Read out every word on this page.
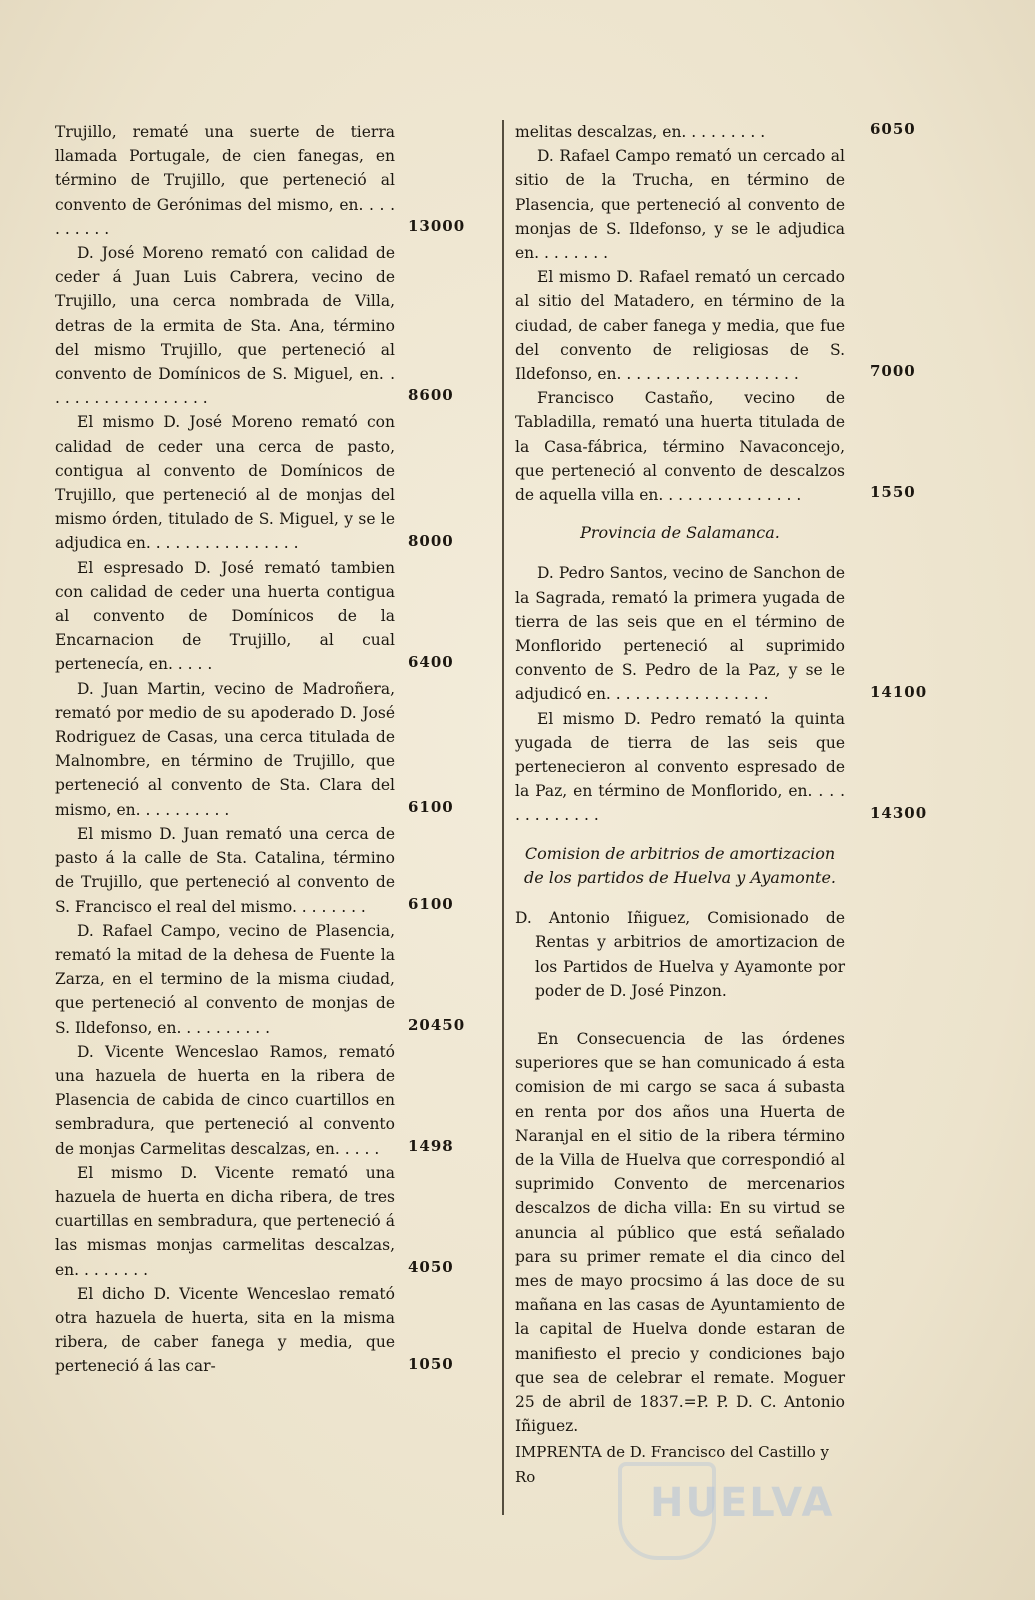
Trujillo, rematé una suerte de tierra llamada Portugale, de cien fanegas, en término de Trujillo, que perteneció al convento de Gerónimas del mismo, en. . . . . . . . . .

D. José Moreno remató con calidad de ceder á Juan Luis Cabrera, vecino de Trujillo, una cerca nombrada de Villa, detras de la ermita de Sta. Ana, término del mismo Trujillo, que perteneció al convento de Domínicos de S. Miguel, en. . . . . . . . . . . . . . . . . .

El mismo D. José Moreno remató con calidad de ceder una cerca de pasto, contigua al convento de Domínicos de Trujillo, que perteneció al de monjas del mismo órden, titulado de S. Miguel, y se le adjudica en. . . . . . . . . . . . . . . .

El espresado D. José remató tambien con calidad de ceder una huerta contigua al convento de Domínicos de la Encarnacion de Trujillo, al cual pertenecía, en. . . . .

D. Juan Martin, vecino de Madroñera, remató por medio de su apoderado D. José Rodriguez de Casas, una cerca titulada de Malnombre, en término de Trujillo, que perteneció al convento de Sta. Clara del mismo, en. . . . . . . . . .

El mismo D. Juan remató una cerca de pasto á la calle de Sta. Catalina, término de Trujillo, que perteneció al convento de S. Francisco el real del mismo. . . . . . . .

D. Rafael Campo, vecino de Plasencia, remató la mitad de la dehesa de Fuente la Zarza, en el termino de la misma ciudad, que perteneció al convento de monjas de S. Ildefonso, en. . . . . . . . . .

D. Vicente Wenceslao Ramos, remató una hazuela de huerta en la ribera de Plasencia de cabida de cinco cuartillos en sembradura, que perteneció al convento de monjas Carmelitas descalzas, en. . . . .

El mismo D. Vicente remató una hazuela de huerta en dicha ribera, de tres cuartillas en sembradura, que perteneció á las mismas monjas carmelitas descalzas, en. . . . . . . .

El dicho D. Vicente Wenceslao remató otra hazuela de huerta, sita en la misma ribera, de caber fanega y media, que perteneció á las car-

melitas descalzas, en. . . . . . . . .

D. Rafael Campo remató un cercado al sitio de la Trucha, en término de Plasencia, que perteneció al convento de monjas de S. Ildefonso, y se le adjudica en. . . . . . . .

El mismo D. Rafael remató un cercado al sitio del Matadero, en término de la ciudad, de caber fanega y media, que fue del convento de religiosas de S. Ildefonso, en. . . . . . . . . . . . . . . . . . .

Francisco Castaño, vecino de Tabladilla, remató una huerta titulada de la Casa-fábrica, término Navaconcejo, que perteneció al convento de descalzos de aquella villa en. . . . . . . . . . . . . . .

Provincia de Salamanca.

D. Pedro Santos, vecino de Sanchon de la Sagrada, remató la primera yugada de tierra de las seis que en el término de Monflorido perteneció al suprimido convento de S. Pedro de la Paz, y se le adjudicó en. . . . . . . . . . . . . . . . .

El mismo D. Pedro remató la quinta yugada de tierra de las seis que pertenecieron al convento espresado de la Paz, en término de Monflorido, en. . . . . . . . . . . . .

Comision de arbitrios de amortizacion de los partidos de Huelva y Ayamonte.

D. Antonio Iñiguez, Comisionado de Rentas y arbitrios de amortizacion de los Partidos de Huelva y Ayamonte por poder de D. José Pinzon.

En Consecuencia de las órdenes superiores que se han comunicado á esta comision de mi cargo se saca á subasta en renta por dos años una Huerta de Naranjal en el sitio de la ribera término de la Villa de Huelva que correspondió al suprimido Convento de mercenarios descalzos de dicha villa: En su virtud se anuncia al público que está señalado para su primer remate el dia cinco del mes de mayo procsimo á las doce de su mañana en las casas de Ayuntamiento de la capital de Huelva donde estaran de manifiesto el precio y condiciones bajo que sea de celebrar el remate. Moguer 25 de abril de 1837.=P. P. D. C. Antonio Iñiguez.

IMPRENTA de D. Francisco del Castillo y Ro
HUELVA
13000
8600
8000
6400
6100
6100
20450
1498
4050
1050
6050
7000
1550
14100
14300
